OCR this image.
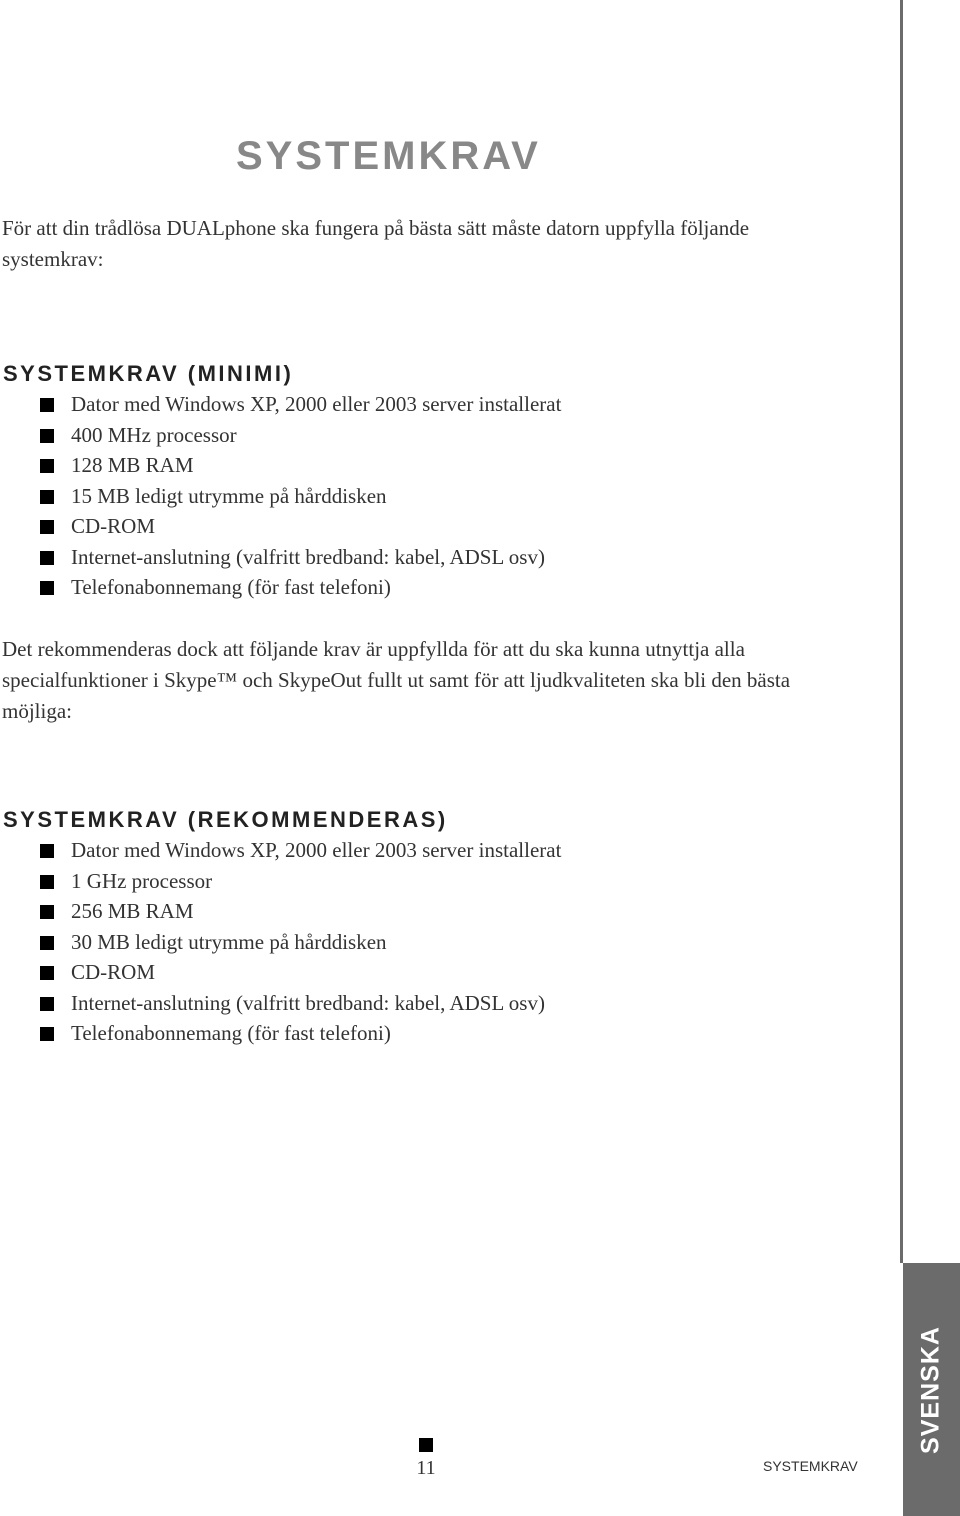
SVENSKA
SYSTEMKRAV

För att din trådlösa DUALphone ska fungera på bästa sätt måste datorn uppfylla följande systemkrav:

SYSTEMKRAV (MINIMI)
Dator med Windows XP, 2000 eller 2003 server installerat
400 MHz processor
128 MB RAM
15 MB ledigt utrymme på hårddisken
CD-ROM
Internet-anslutning (valfritt bredband: kabel, ADSL osv)
Telefonabonnemang (för fast telefoni)

Det rekommenderas dock att följande krav är uppfyllda för att du ska kunna utnyttja alla specialfunktioner i Skype™ och SkypeOut fullt ut samt för att ljudkvaliteten ska bli den bästa möjliga:

SYSTEMKRAV (REKOMMENDERAS)
Dator med Windows XP, 2000 eller 2003 server installerat
1 GHz processor
256 MB RAM
30 MB ledigt utrymme på hårddisken
CD-ROM
Internet-anslutning (valfritt bredband: kabel, ADSL osv)
Telefonabonnemang (för fast telefoni)
11	SYSTEMKRAV
